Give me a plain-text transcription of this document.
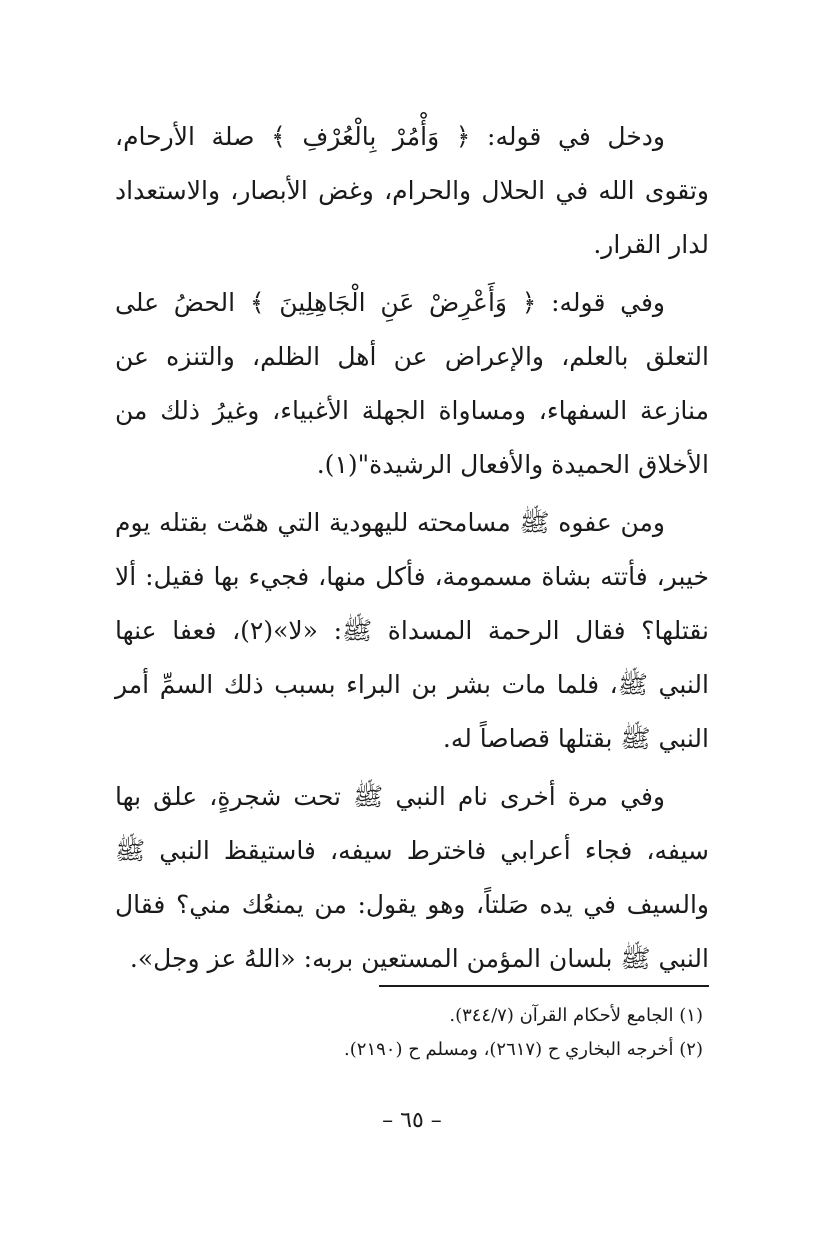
ودخل في قوله: ﴿ وَأْمُرْ بِالْعُرْفِ ﴾ صلة الأرحام، وتقوى الله في الحلال والحرام، وغض الأبصار، والاستعداد لدار القرار.

وفي قوله: ﴿ وَأَعْرِضْ عَنِ الْجَاهِلِينَ ﴾ الحضُ على التعلق بالعلم، والإعراض عن أهل الظلم، والتنزه عن منازعة السفهاء، ومساواة الجهلة الأغبياء، وغيرُ ذلك من الأخلاق الحميدة والأفعال الرشيدة"(١).

ومن عفوه ﷺ مسامحته لليهودية التي همّت بقتله يوم خيبر، فأتته بشاة مسمومة، فأكل منها، فجيء بها فقيل: ألا نقتلها؟ فقال الرحمة المسداة ﷺ: «لا»(٢)، فعفا عنها النبي ﷺ، فلما مات بشر بن البراء بسبب ذلك السمِّ أمر النبي ﷺ بقتلها قصاصاً له.

وفي مرة أخرى نام النبي ﷺ تحت شجرةٍ، علق بها سيفه، فجاء أعرابي فاخترط سيفه، فاستيقظ النبي ﷺ والسيف في يده صَلتاً، وهو يقول: من يمنعُك مني؟ فقال النبي ﷺ بلسان المؤمن المستعين بربه: «اللهُ عز وجل».

(١) الجامع لأحكام القرآن (٣٤٤/٧).
(٢) أخرجه البخاري ح (٢٦١٧)، ومسلم ح (٢١٩٠).
– ٦٥ –
